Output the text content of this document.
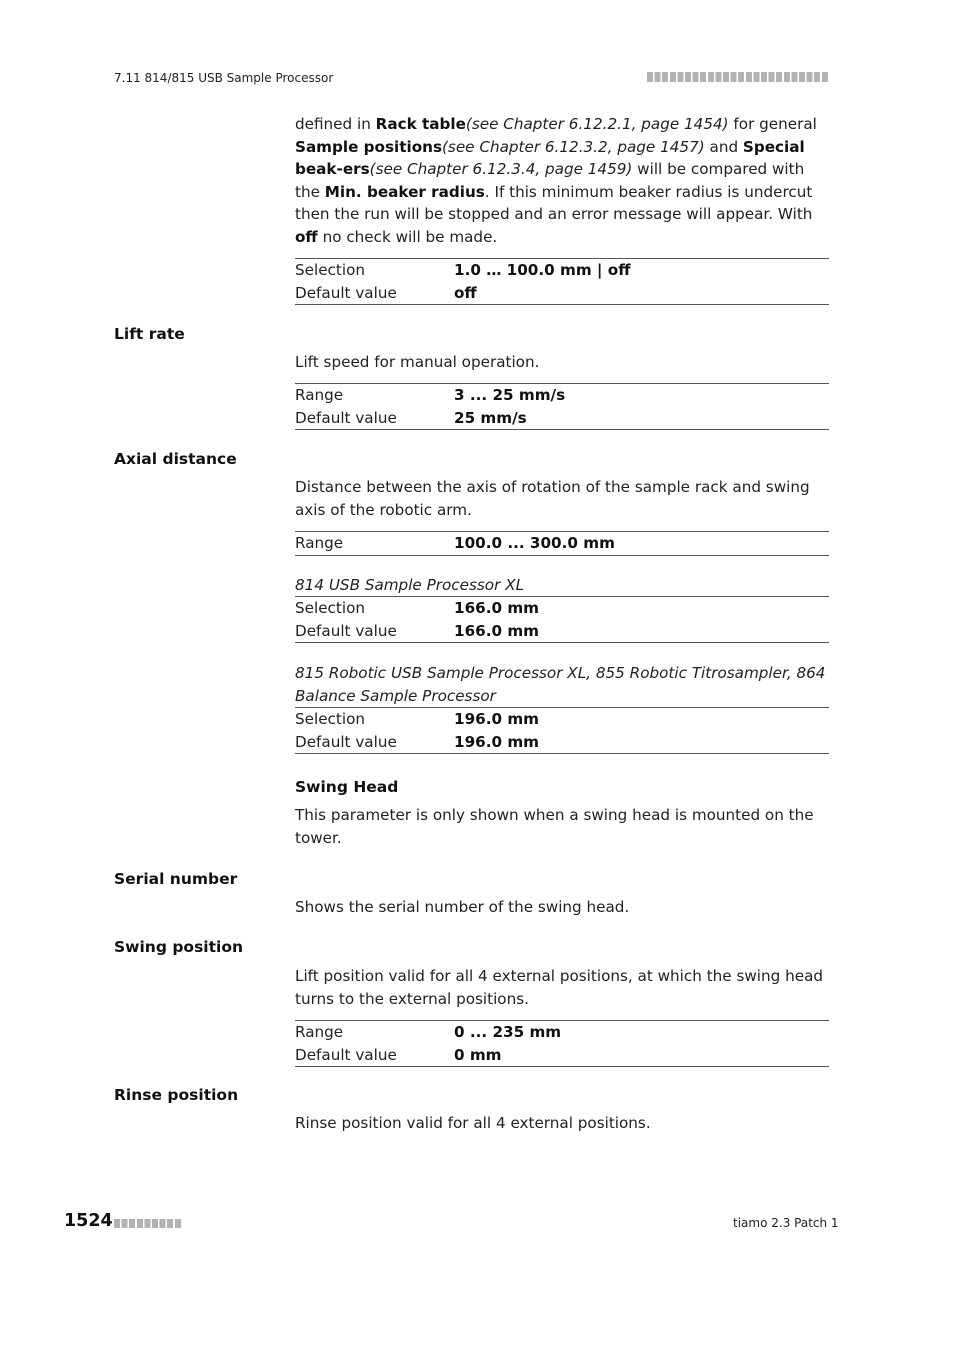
7.11 814/815 USB Sample Processor
defined in Rack table(see Chapter 6.12.2.1, page 1454) for general Sample positions(see Chapter 6.12.3.2, page 1457) and Special beak-ers(see Chapter 6.12.3.4, page 1459) will be compared with the Min. beaker radius. If this minimum beaker radius is undercut then the run will be stopped and an error message will appear. With off no check will be made.
Selection	1.0 … 100.0 mm | off
Default value	off
Lift rate
Lift speed for manual operation.
Range	3 ... 25 mm/s
Default value	25 mm/s
Axial distance
Distance between the axis of rotation of the sample rack and swing axis of the robotic arm.
Range	100.0 ... 300.0 mm
814 USB Sample Processor XL
Selection	166.0 mm
Default value	166.0 mm
815 Robotic USB Sample Processor XL, 855 Robotic Titrosampler, 864 Balance Sample Processor
Selection	196.0 mm
Default value	196.0 mm
Swing Head
This parameter is only shown when a swing head is mounted on the tower.
Serial number
Shows the serial number of the swing head.
Swing position
Lift position valid for all 4 external positions, at which the swing head turns to the external positions.
Range	0 ... 235 mm
Default value	0 mm
Rinse position
Rinse position valid for all 4 external positions.
1524	tiamo 2.3 Patch 1
